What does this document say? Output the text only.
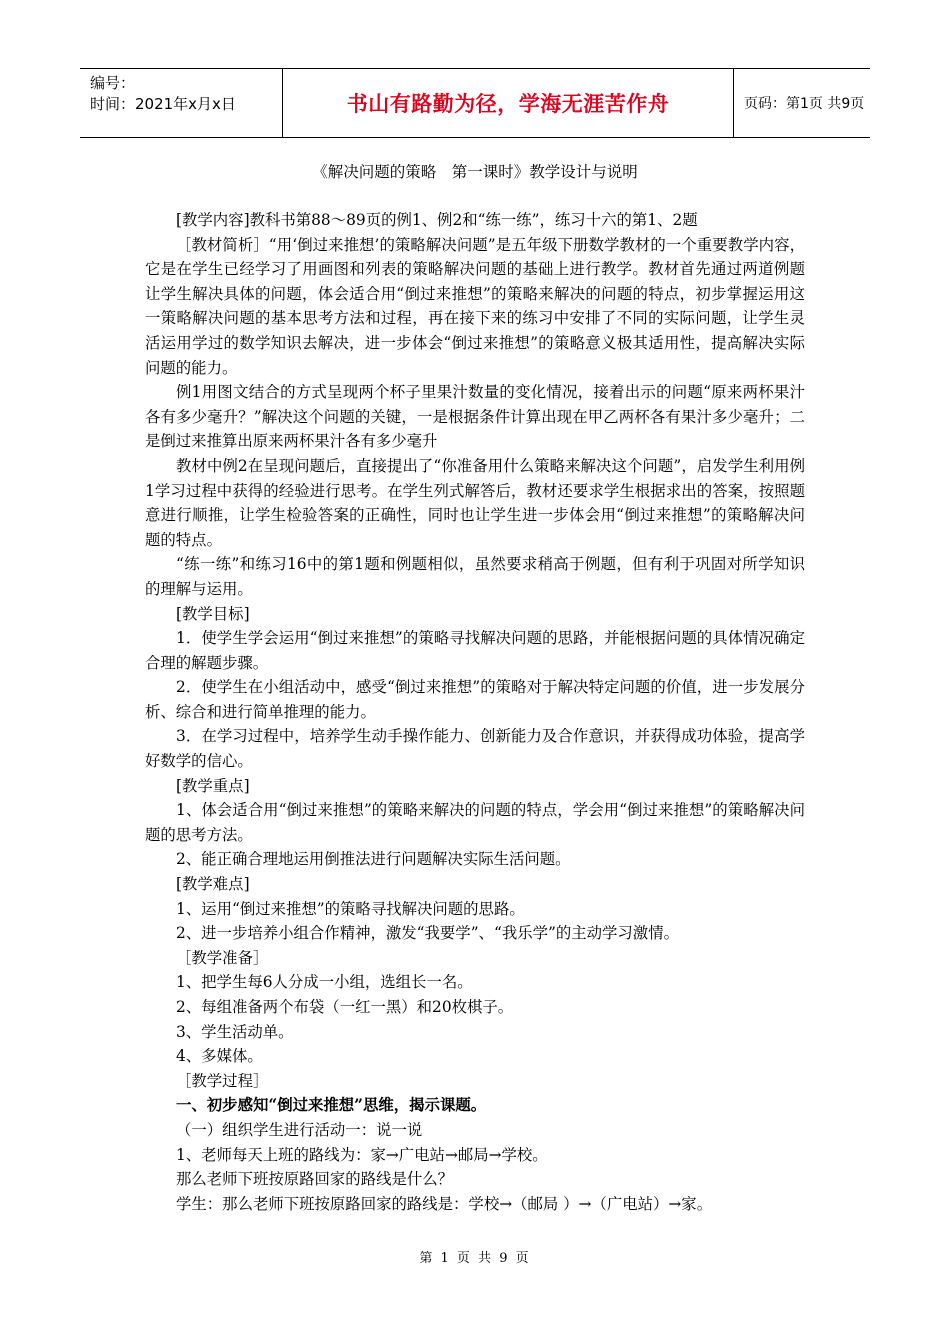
编号：
时间：2021年x月x日	书山有路勤为径，学海无涯苦作舟	页码：第1页 共9页
《解决问题的策略　第一课时》教学设计与说明

[教学内容]教科书第88～89页的例1、例2和“练一练”，练习十六的第1、2题

［教材简析］“用‘倒过来推想’的策略解决问题”是五年级下册数学教材的一个重要教学内容，它是在学生已经学习了用画图和列表的策略解决问题的基础上进行教学。教材首先通过两道例题让学生解决具体的问题，体会适合用“倒过来推想”的策略来解决的问题的特点，初步掌握运用这一策略解决问题的基本思考方法和过程，再在接下来的练习中安排了不同的实际问题，让学生灵活运用学过的数学知识去解决，进一步体会“倒过来推想”的策略意义极其适用性，提高解决实际问题的能力。

例1用图文结合的方式呈现两个杯子里果汁数量的变化情况，接着出示的问题“原来两杯果汁各有多少毫升？”解决这个问题的关键，一是根据条件计算出现在甲乙两杯各有果汁多少毫升；二是倒过来推算出原来两杯果汁各有多少毫升

教材中例2在呈现问题后，直接提出了“你准备用什么策略来解决这个问题”，启发学生利用例1学习过程中获得的经验进行思考。在学生列式解答后，教材还要求学生根据求出的答案，按照题意进行顺推，让学生检验答案的正确性，同时也让学生进一步体会用“倒过来推想”的策略解决问题的特点。

“练一练”和练习16中的第1题和例题相似，虽然要求稍高于例题，但有利于巩固对所学知识的理解与运用。

[教学目标]

1．使学生学会运用“倒过来推想”的策略寻找解决问题的思路，并能根据问题的具体情况确定合理的解题步骤。

2．使学生在小组活动中，感受“倒过来推想”的策略对于解决特定问题的价值，进一步发展分析、综合和进行简单推理的能力。

3．在学习过程中，培养学生动手操作能力、创新能力及合作意识，并获得成功体验，提高学好数学的信心。

[教学重点]

1、体会适合用“倒过来推想”的策略来解决的问题的特点，学会用“倒过来推想”的策略解决问题的思考方法。

2、能正确合理地运用倒推法进行问题解决实际生活问题。

[教学难点]

1、运用“倒过来推想”的策略寻找解决问题的思路。

2、进一步培养小组合作精神，激发“我要学”、“我乐学”的主动学习激情。

［教学准备］

1、把学生每6人分成一小组，选组长一名。

2、每组准备两个布袋（一红一黑）和20枚棋子。

3、学生活动单。

4、多媒体。

［教学过程］

一、初步感知“倒过来推想”思维，揭示课题。

（一）组织学生进行活动一：说一说

1、老师每天上班的路线为：家→广电站→邮局→学校。

那么老师下班按原路回家的路线是什么？

学生：那么老师下班按原路回家的路线是：学校→（邮局 ）→（广电站）→家。

第 1 页 共 9 页
